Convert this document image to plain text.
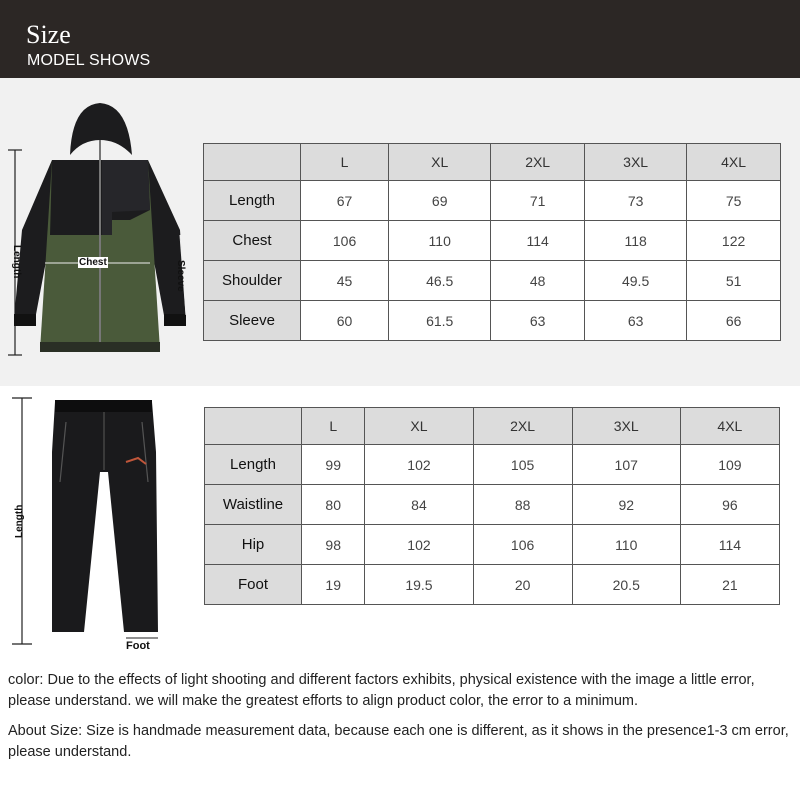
Size
MODEL SHOWS
Length	Chest	Sleeve
	L	XL	2XL	3XL	4XL
Length	67	69	71	73	75
Chest	106	110	114	118	122
Shoulder	45	46.5	48	49.5	51
Sleeve	60	61.5	63	63	66
Length
Foot
	L	XL	2XL	3XL	4XL
Length	99	102	105	107	109
Waistline	80	84	88	92	96
Hip	98	102	106	110	114
Foot	19	19.5	20	20.5	21
color: Due to the effects of light shooting and different factors exhibits, physical existence with the image a little error, please understand. we will make the greatest efforts to align product color, the error to a minimum.
About Size: Size is handmade measurement data, because each one is different, as it shows in the presence1-3 cm error, please understand.
